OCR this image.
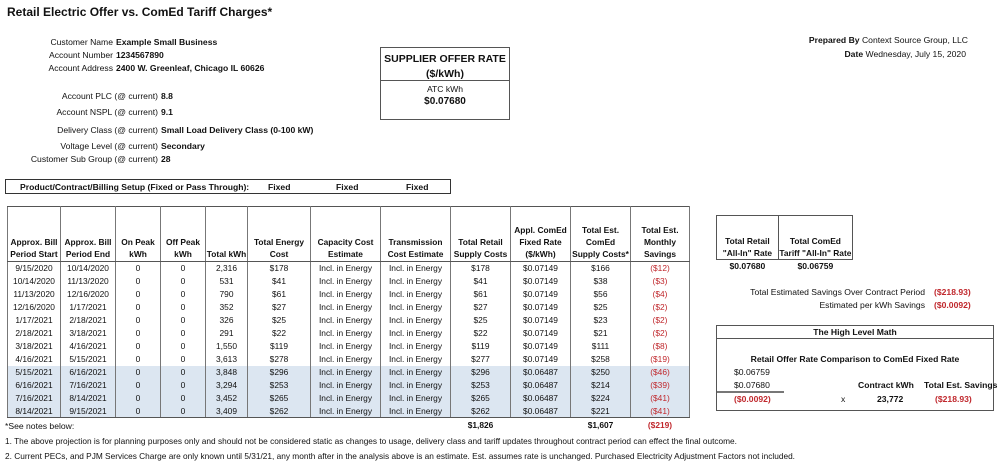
Retail Electric Offer vs. ComEd Tariff Charges*
Customer Name Example Small Business
Account Number 1234567890
Account Address 2400 W. Greenleaf, Chicago IL 60626
Account PLC (@ current) 8.8
Account NSPL (@ current) 9.1
Delivery Class (@ current) Small Load Delivery Class (0-100 kW)
Voltage Level (@ current) Secondary
Customer Sub Group (@ current) 28
Prepared By Context Source Group, LLC
Date Wednesday, July 15, 2020
SUPPLIER OFFER RATE
($/kWh)
ATC kWh
$0.07680
Product/Contract/Billing Setup (Fixed or Pass Through): Fixed	Fixed	Fixed
Approx. Bill Period Start	Approx. Bill Period End	On Peak kWh	Off Peak kWh	Total kWh	Total Energy Cost	Capacity Cost Estimate	Transmission Cost Estimate	Total Retail Supply Costs	Appl. ComEd Fixed Rate ($/kWh)	Total Est. ComEd Supply Costs*	Total Est. Monthly Savings
9/15/2020	10/14/2020	0	0	2,316	$178	Incl. in Energy	Incl. in Energy	$178	$0.07149	$166	($12)
10/14/2020	11/13/2020	0	0	531	$41	Incl. in Energy	Incl. in Energy	$41	$0.07149	$38	($3)
11/13/2020	12/16/2020	0	0	790	$61	Incl. in Energy	Incl. in Energy	$61	$0.07149	$56	($4)
12/16/2020	1/17/2021	0	0	352	$27	Incl. in Energy	Incl. in Energy	$27	$0.07149	$25	($2)
1/17/2021	2/18/2021	0	0	326	$25	Incl. in Energy	Incl. in Energy	$25	$0.07149	$23	($2)
2/18/2021	3/18/2021	0	0	291	$22	Incl. in Energy	Incl. in Energy	$22	$0.07149	$21	($2)
3/18/2021	4/16/2021	0	0	1,550	$119	Incl. in Energy	Incl. in Energy	$119	$0.07149	$111	($8)
4/16/2021	5/15/2021	0	0	3,613	$278	Incl. in Energy	Incl. in Energy	$277	$0.07149	$258	($19)
5/15/2021	6/16/2021	0	0	3,848	$296	Incl. in Energy	Incl. in Energy	$296	$0.06487	$250	($46)
6/16/2021	7/16/2021	0	0	3,294	$253	Incl. in Energy	Incl. in Energy	$253	$0.06487	$214	($39)
7/16/2021	8/14/2021	0	0	3,452	$265	Incl. in Energy	Incl. in Energy	$265	$0.06487	$224	($41)
8/14/2021	9/15/2021	0	0	3,409	$262	Incl. in Energy	Incl. in Energy	$262	$0.06487	$221	($41)
								$1,826		$1,607	($219)
Total Retail "All-In" Rate	Total ComEd Tariff "All-In" Rate
$0.07680	$0.06759
Total Estimated Savings Over Contract Period ($218.93)
Estimated per kWh Savings ($0.0092)
The High Level Math
Retail Offer Rate Comparison to ComEd Fixed Rate
$0.06759
$0.07680
($0.0092)	x
Contract kWh
23,772
Total Est. Savings
($218.93)
*See notes below:
1. The above projection is for planning purposes only and should not be considered static as changes to usage, delivery class and tariff updates throughout contract period can effect the final outcome.
2. Current PECs, and PJM Services Charge are only known until 5/31/21, any month after in the analysis above is an estimate. Est. assumes rate is unchanged. Purchased Electricity Adjustment Factors not included.
